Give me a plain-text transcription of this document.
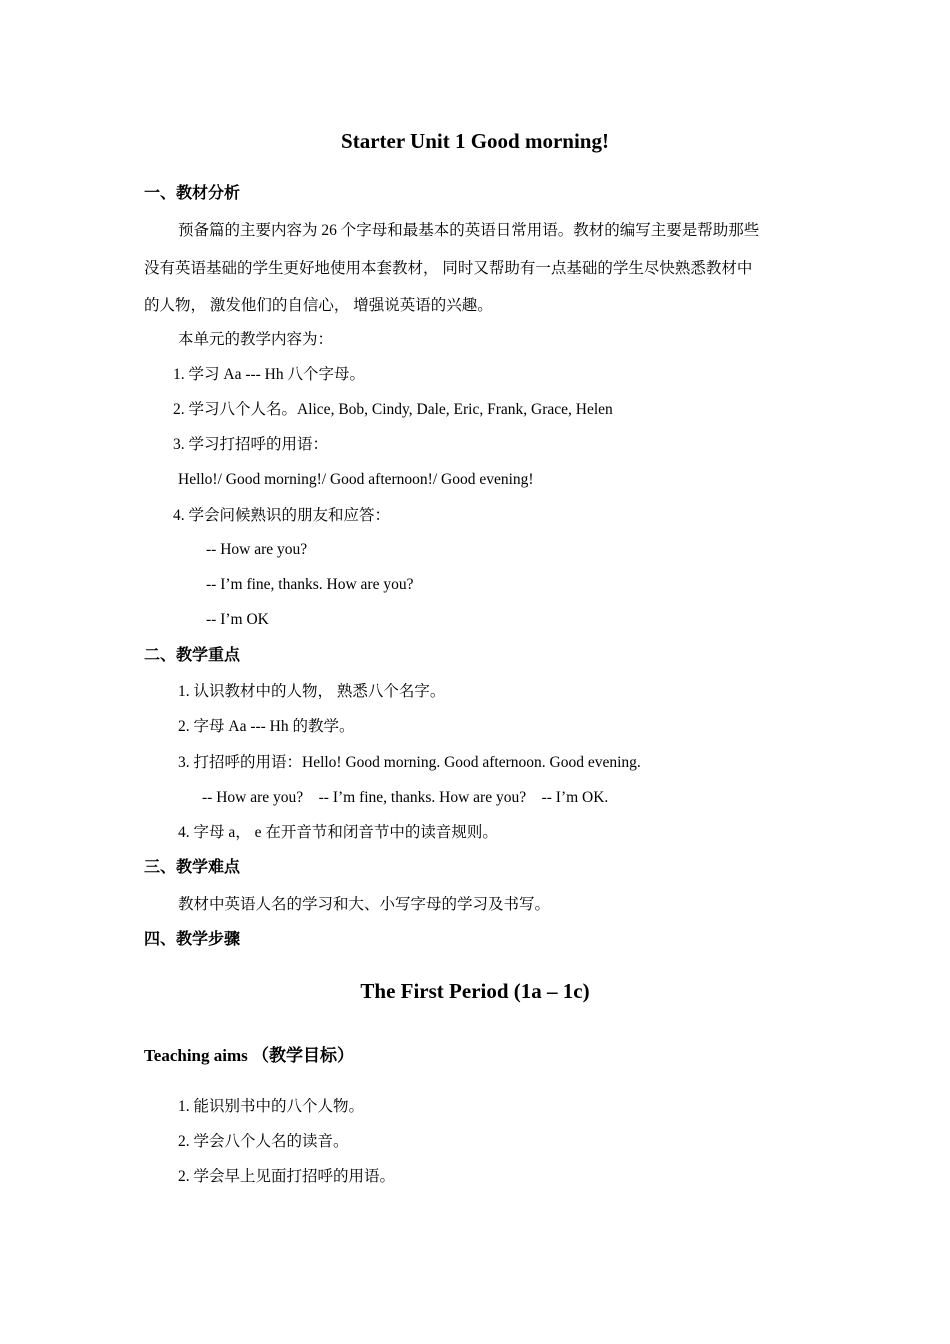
Starter Unit 1 Good morning!
一、教材分析
预备篇的主要内容为 26 个字母和最基本的英语日常用语。教材的编写主要是帮助那些
没有英语基础的学生更好地使用本套教材， 同时又帮助有一点基础的学生尽快熟悉教材中
的人物， 激发他们的自信心， 增强说英语的兴趣。
本单元的教学内容为：
1. 学习 Aa --- Hh 八个字母。
2. 学习八个人名。Alice, Bob, Cindy, Dale, Eric, Frank, Grace, Helen
3. 学习打招呼的用语：
Hello!/ Good morning!/ Good afternoon!/ Good evening!
4. 学会问候熟识的朋友和应答：
-- How are you?
-- I’m fine, thanks. How are you?
-- I’m OK
二、教学重点
1. 认识教材中的人物， 熟悉八个名字。
2. 字母 Aa --- Hh 的教学。
3. 打招呼的用语：Hello! Good morning. Good afternoon. Good evening.
-- How are you?    -- I’m fine, thanks. How are you?    -- I’m OK.
4. 字母 a， e 在开音节和闭音节中的读音规则。
三、教学难点
教材中英语人名的学习和大、小写字母的学习及书写。
四、教学步骤
The First Period (1a – 1c)
Teaching aims （教学目标）
1. 能识别书中的八个人物。
2. 学会八个人名的读音。
2. 学会早上见面打招呼的用语。
